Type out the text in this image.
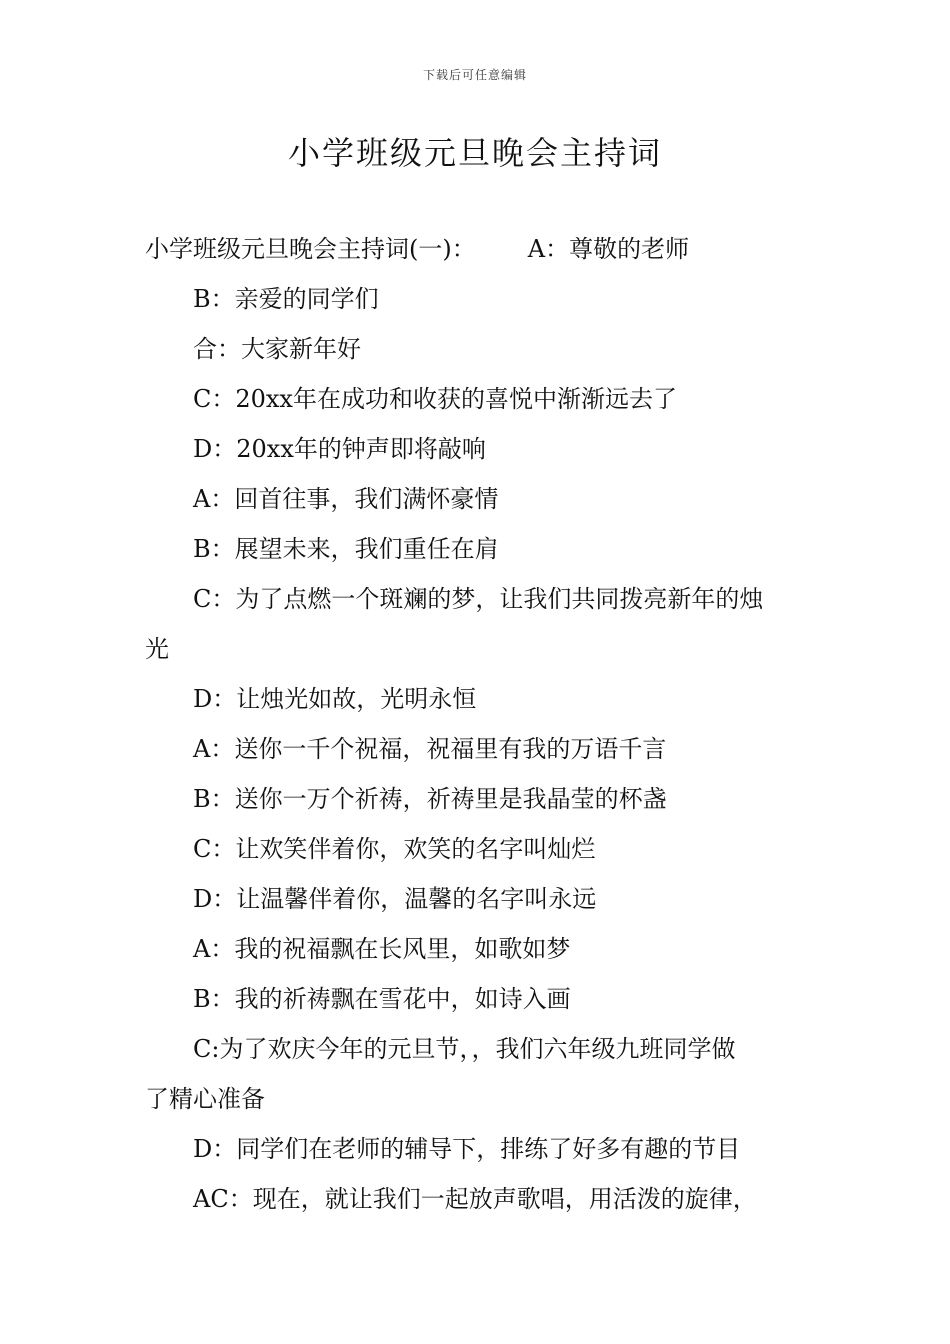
下载后可任意编辑
小学班级元旦晚会主持词
小学班级元旦晚会主持词(一)： A：尊敬的老师
B：亲爱的同学们
合：大家新年好
C：20xx年在成功和收获的喜悦中渐渐远去了
D：20xx年的钟声即将敲响
A：回首往事，我们满怀豪情
B：展望未来，我们重任在肩
C：为了点燃一个斑斓的梦，让我们共同拨亮新年的烛
光
D：让烛光如故，光明永恒
A：送你一千个祝福，祝福里有我的万语千言
B：送你一万个祈祷，祈祷里是我晶莹的杯盏
C：让欢笑伴着你，欢笑的名字叫灿烂
D：让温馨伴着你，温馨的名字叫永远
A：我的祝福飘在长风里，如歌如梦
B：我的祈祷飘在雪花中，如诗入画
C:为了欢庆今年的元旦节，，我们六年级九班同学做
了精心准备
D：同学们在老师的辅导下，排练了好多有趣的节目
AC：现在，就让我们一起放声歌唱，用活泼的旋律，
